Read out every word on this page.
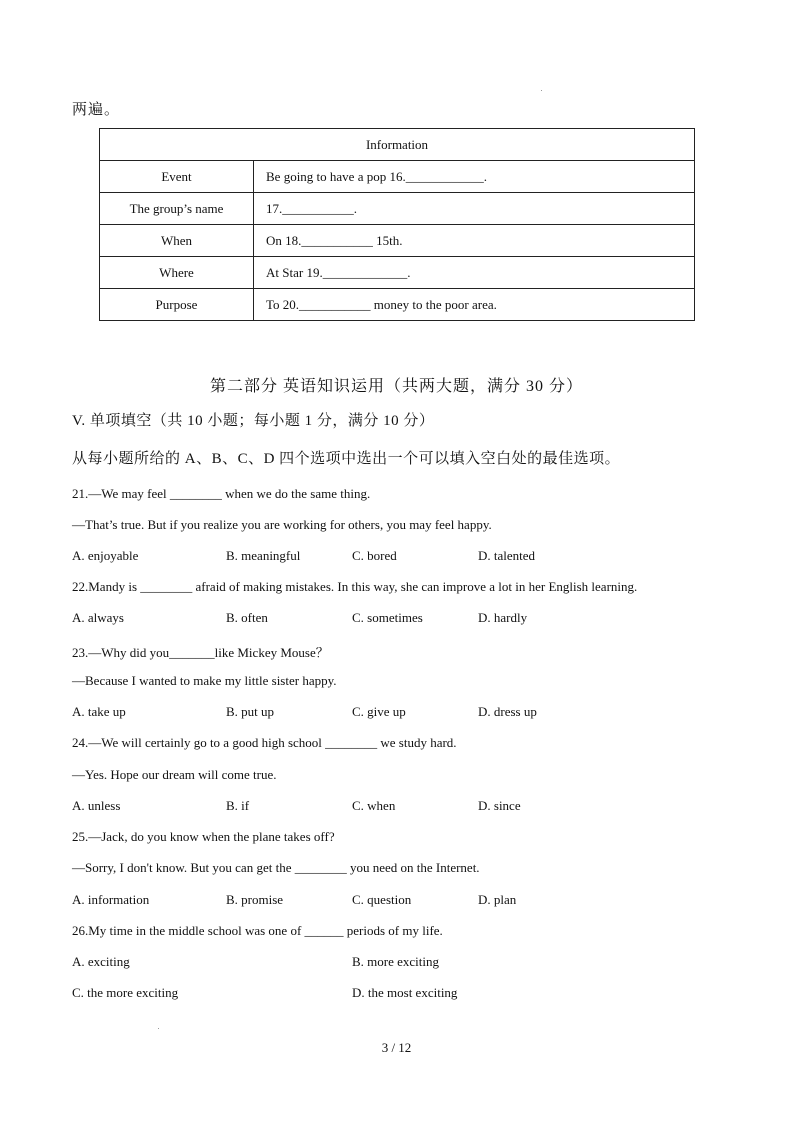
两遍。
Information	
Event	Be going to have a pop 16.____________.
The group’s name	17.___________.
When	On 18.___________ 15th.
Where	At Star 19._____________.
Purpose	To 20.___________ money to the poor area.
第二部分 英语知识运用（共两大题，满分 30 分）
V. 单项填空（共 10 小题；每小题 1 分，满分 10 分）
从每小题所给的 A、B、C、D 四个选项中选出一个可以填入空白处的最佳选项。
21.—We may feel ________ when we do the same thing.
—That’s true. But if you realize you are working for others, you may feel happy.
A. enjoyable	B. meaningful	C. bored	D. talented
22.Mandy is ________ afraid of making mistakes. In this way, she can improve a lot in her English learning.
A. always	B. often	C. sometimes	D. hardly
23.—Why did you_______like Mickey Mouse？
—Because I wanted to make my little sister happy.
A. take up	B. put up	C. give up	D. dress up
24.—We will certainly go to a good high school ________ we study hard.
—Yes. Hope our dream will come true.
A. unless	B. if	C. when	D. since
25.—Jack, do you know when the plane takes off?
—Sorry, I don't know. But you can get the ________ you need on the Internet.
A. information	B. promise	C. question	D. plan
26.My time in the middle school was one of ______ periods of my life.
A. exciting	B. more exciting
C. the more exciting	D. the most exciting
3 / 12
